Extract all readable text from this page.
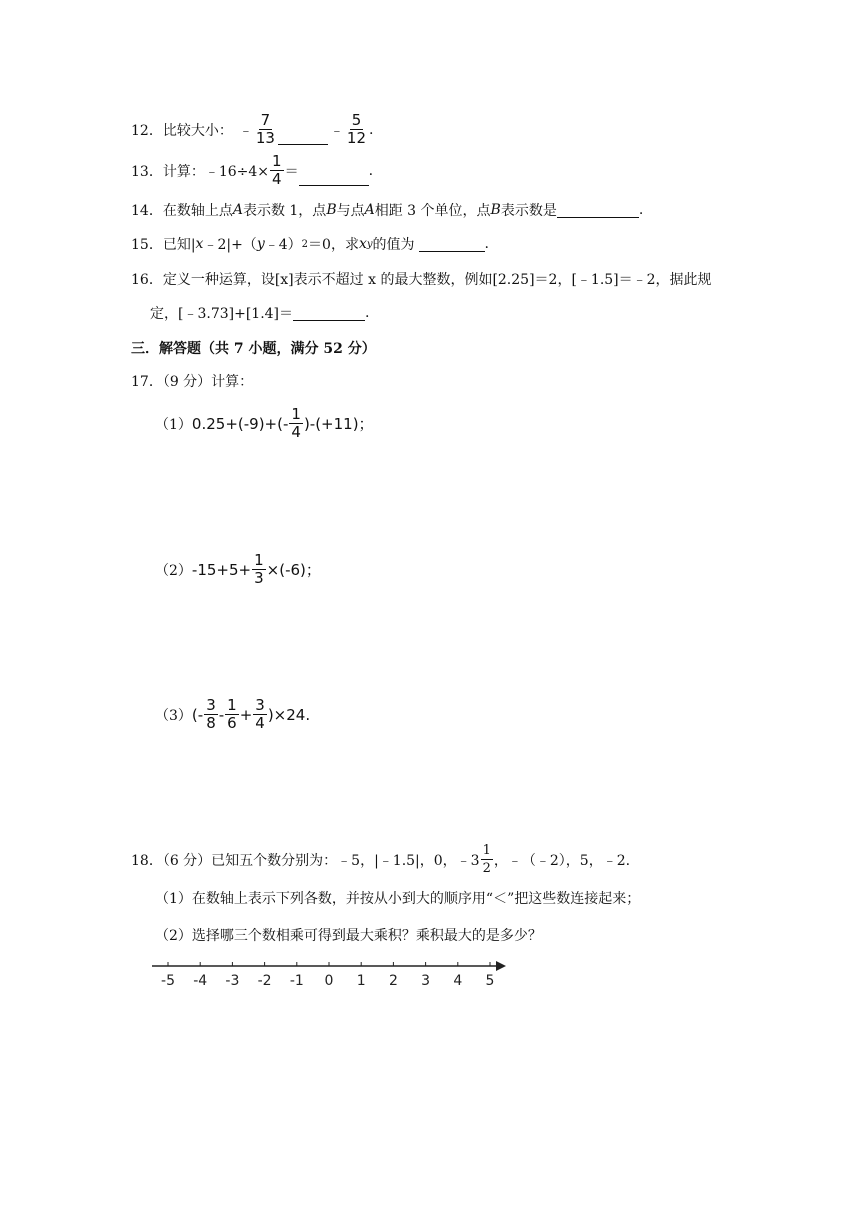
12． 比较大小： ﹣ $\frac{7}{13}$	﹣ $\frac{5}{12}$ .
13． 计算：﹣16÷4× $\frac{1}{4}$ ＝	.
14． 在数轴上点 A 表示数 1，点 B 与点 A 相距 3 个单位，点 B 表示数是	.
15． 已知| x ﹣2|+（ y ﹣4） 2 ＝0，求 x y 的值为	.
16． 定义一种运算，设[x]表示不超过 x 的最大整数，例如[2.25]＝2，[﹣1.5]＝﹣2，据此规
定，[﹣3.73]+[1.4]＝	.
三．解答题（共 7 小题，满分 52 分）
17．（9 分）计算：
（1） $0.25+(-9)+(- \frac{1}{4} )-(+11)$；
（2） $-15+5+ \frac{1}{3} \times(-6)$；
（3） (- $\frac{3}{8} - \frac{1}{6} + \frac{3}{4} )\times 24$.
18．（6 分）已知五个数分别为：﹣5，|﹣1.5|，0，﹣3 $\frac{1}{2}$ ，﹣（﹣2），5，﹣2.
（1）在数轴上表示下列各数，并按从小到大的顺序用“＜”把这些数连接起来；
（2）选择哪三个数相乘可得到最大乘积？乘积最大的是多少？
-5 -4 -3 -2 -1 0 1 2 3 4 5
